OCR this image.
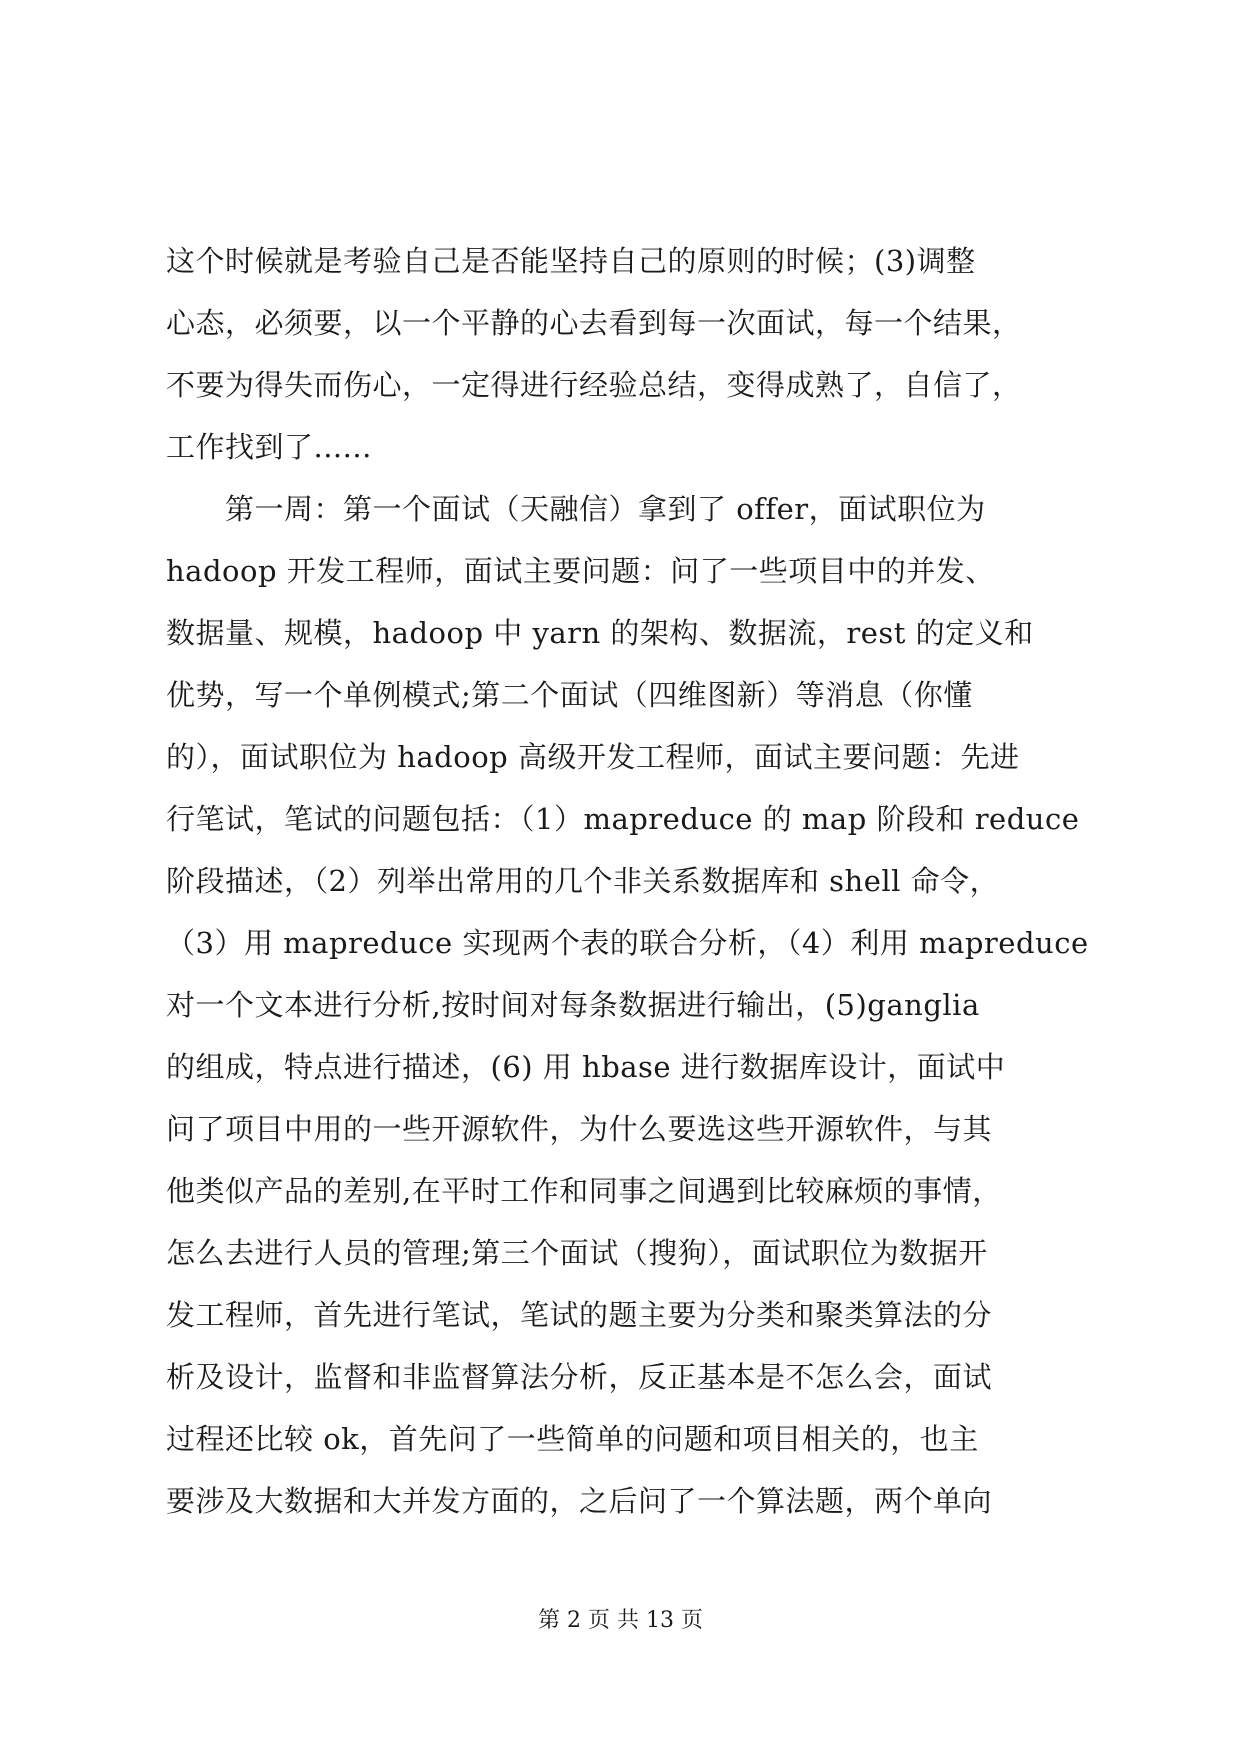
这个时候就是考验自己是否能坚持自己的原则的时候；(3)调整
心态，必须要，以一个平静的心去看到每一次面试，每一个结果，
不要为得失而伤心，一定得进行经验总结，变得成熟了，自信了，
工作找到了......
　　第一周：第一个面试（天融信）拿到了 offer，面试职位为
hadoop 开发工程师，面试主要问题：问了一些项目中的并发、
数据量、规模，hadoop 中 yarn 的架构、数据流，rest 的定义和
优势，写一个单例模式;第二个面试（四维图新）等消息（你懂
的），面试职位为 hadoop 高级开发工程师，面试主要问题：先进
行笔试，笔试的问题包括：（1）mapreduce 的 map 阶段和 reduce
阶段描述，（2）列举出常用的几个非关系数据库和 shell 命令，
（3）用 mapreduce 实现两个表的联合分析，（4）利用 mapreduce
对一个文本进行分析,按时间对每条数据进行输出，(5)ganglia
的组成，特点进行描述，(6) 用 hbase 进行数据库设计，面试中
问了项目中用的一些开源软件，为什么要选这些开源软件，与其
他类似产品的差别,在平时工作和同事之间遇到比较麻烦的事情，
怎么去进行人员的管理;第三个面试（搜狗），面试职位为数据开
发工程师，首先进行笔试，笔试的题主要为分类和聚类算法的分
析及设计，监督和非监督算法分析，反正基本是不怎么会，面试
过程还比较 ok，首先问了一些简单的问题和项目相关的，也主
要涉及大数据和大并发方面的，之后问了一个算法题，两个单向
第 2 页 共 13 页
